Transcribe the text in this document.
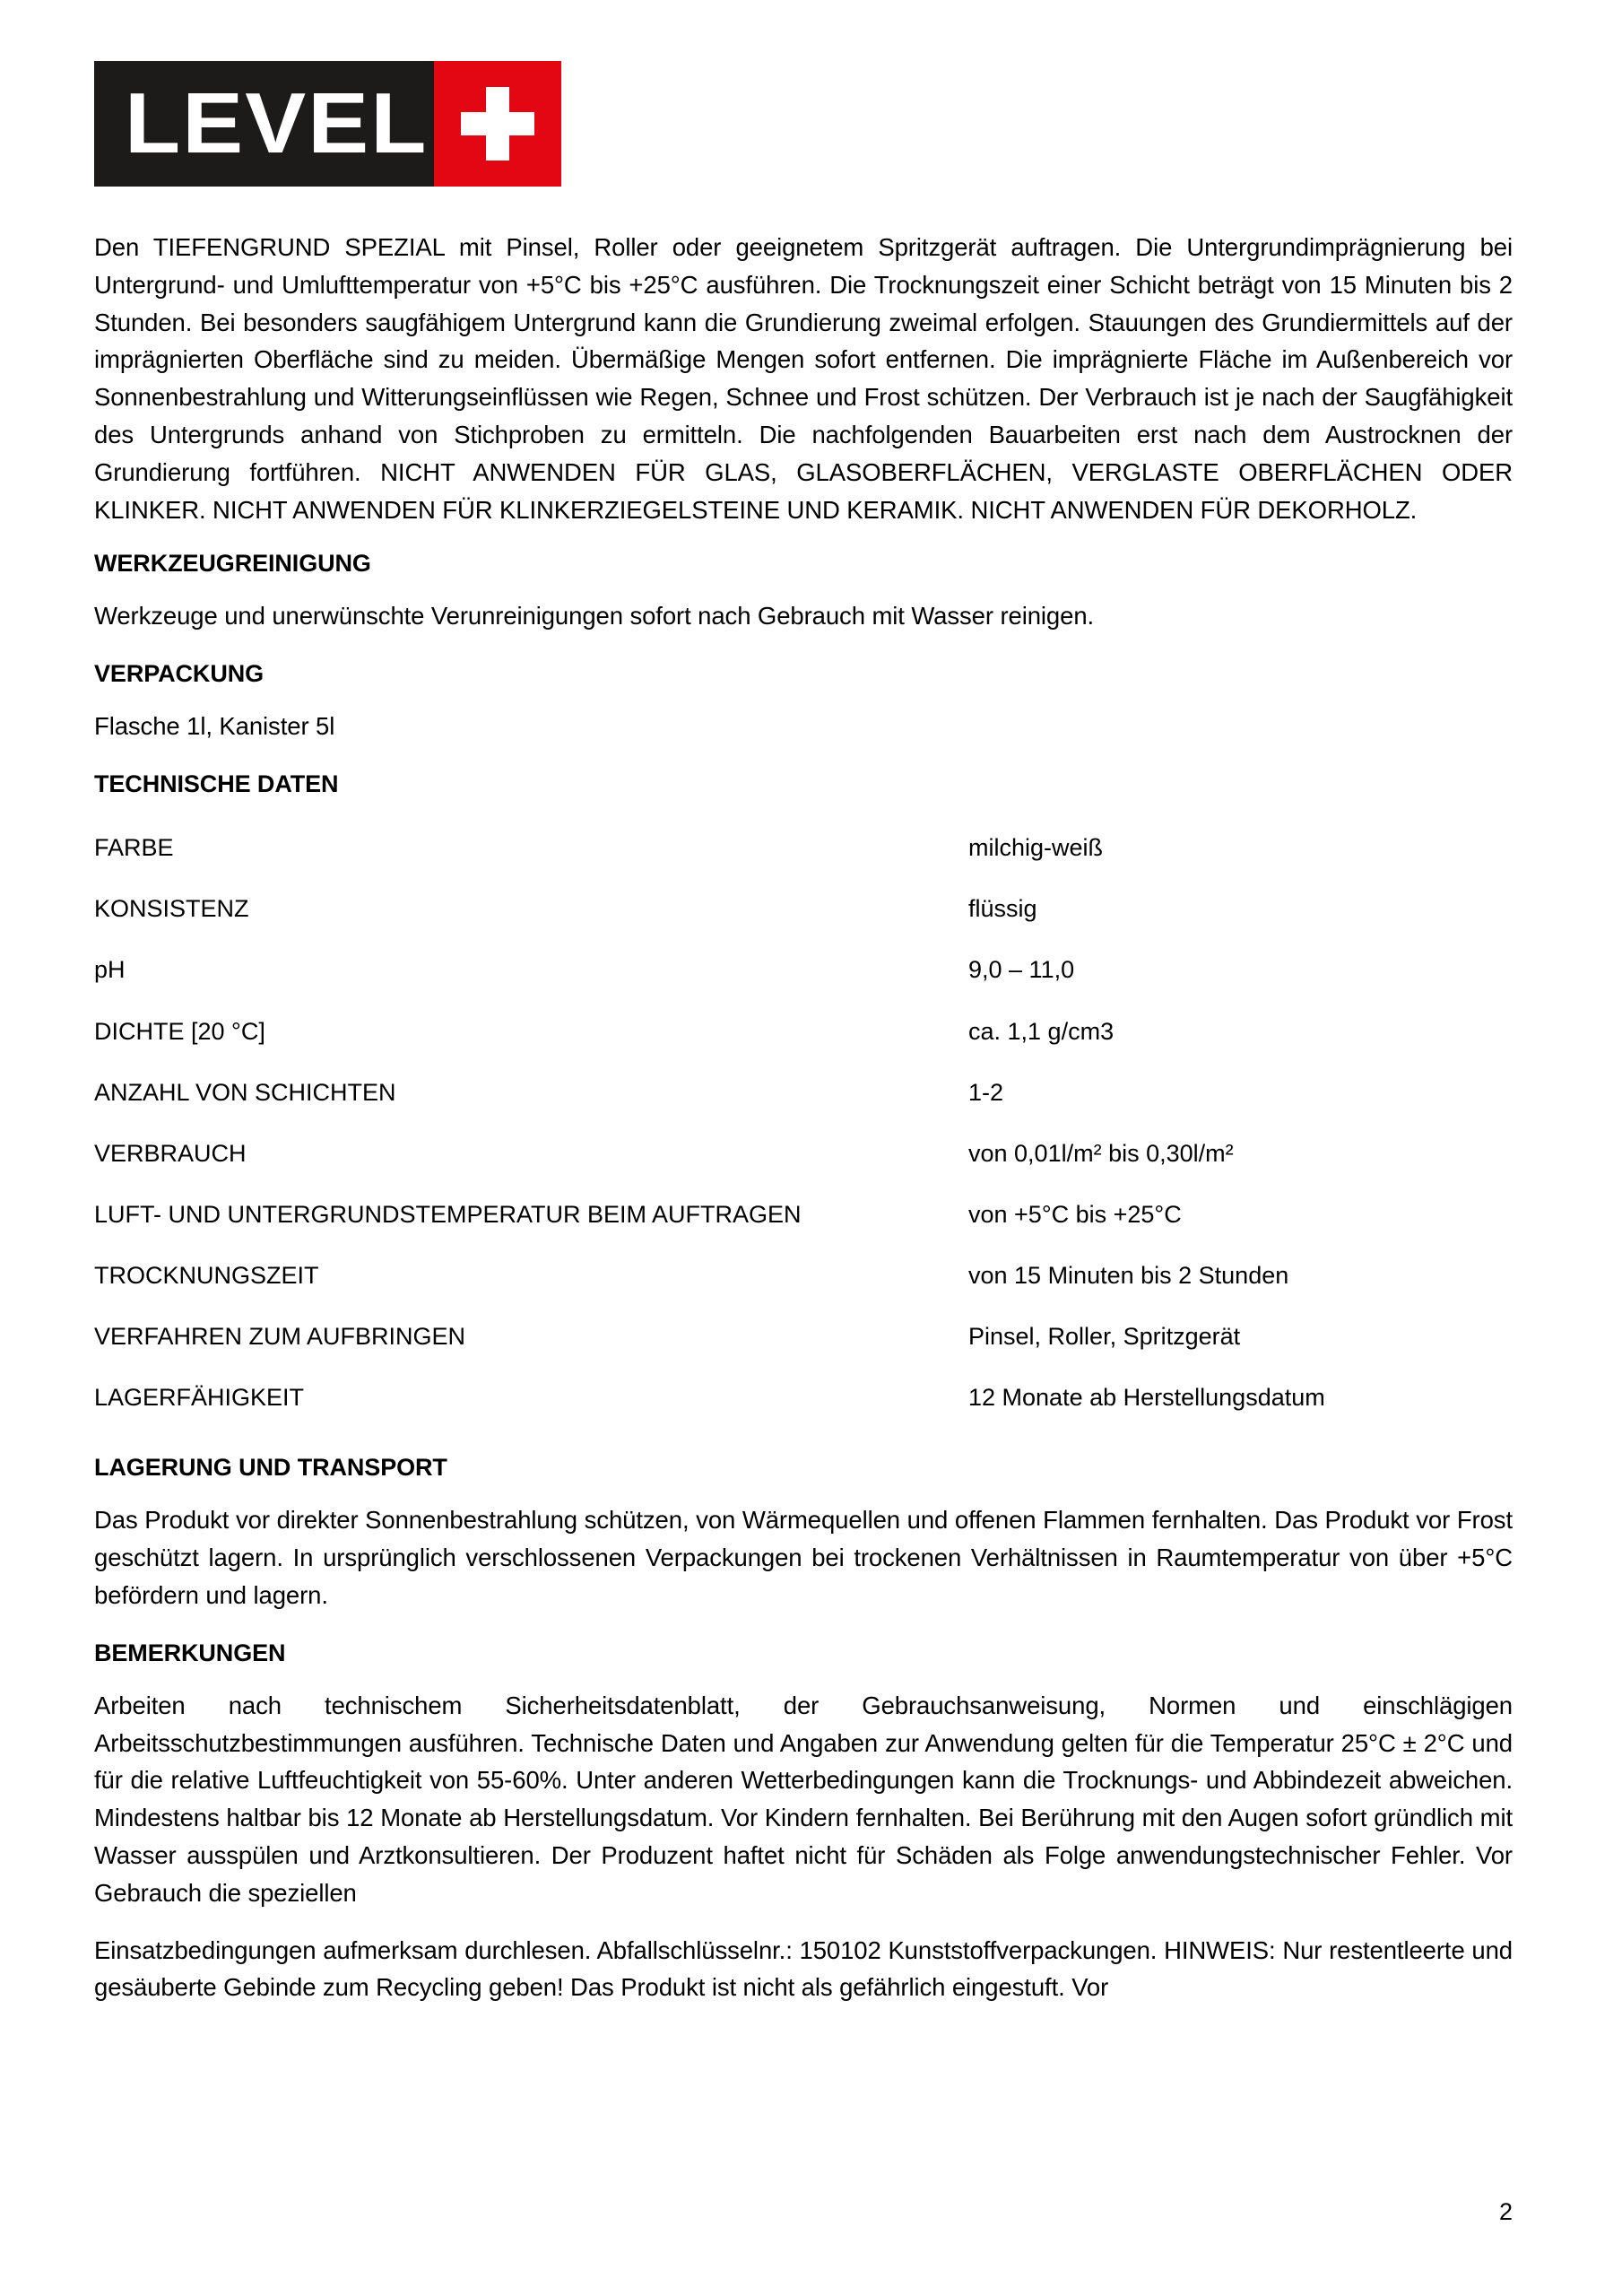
LEVEL

Den TIEFENGRUND SPEZIAL mit Pinsel, Roller oder geeignetem Spritzgerät auftragen. Die Untergrundimprägnierung bei Untergrund- und Umlufttemperatur von +5°C bis +25°C ausführen. Die Trocknungszeit einer Schicht beträgt von 15 Minuten bis 2 Stunden. Bei besonders saugfähigem Untergrund kann die Grundierung zweimal erfolgen. Stauungen des Grundiermittels auf der imprägnierten Oberfläche sind zu meiden. Übermäßige Mengen sofort entfernen. Die imprägnierte Fläche im Außenbereich vor Sonnenbestrahlung und Witterungseinflüssen wie Regen, Schnee und Frost schützen. Der Verbrauch ist je nach der Saugfähigkeit des Untergrunds anhand von Stichproben zu ermitteln. Die nachfolgenden Bauarbeiten erst nach dem Austrocknen der Grundierung fortführen. NICHT ANWENDEN FÜR GLAS, GLASOBERFLÄCHEN, VERGLASTE OBERFLÄCHEN ODER KLINKER. NICHT ANWENDEN FÜR KLINKERZIEGELSTEINE UND KERAMIK. NICHT ANWENDEN FÜR DEKORHOLZ.

WERKZEUGREINIGUNG

Werkzeuge und unerwünschte Verunreinigungen sofort nach Gebrauch mit Wasser reinigen.

VERPACKUNG

Flasche 1l, Kanister 5l

TECHNISCHE DATEN
FARBE	milchig-weiß
KONSISTENZ	flüssig
pH	9,0 – 11,0
DICHTE [20 °C]	ca. 1,1 g/cm3
ANZAHL VON SCHICHTEN	1-2
VERBRAUCH	von 0,01l/m² bis 0,30l/m²
LUFT- UND UNTERGRUNDSTEMPERATUR BEIM AUFTRAGEN	von +5°C bis +25°C
TROCKNUNGSZEIT	von 15 Minuten bis 2 Stunden
VERFAHREN ZUM AUFBRINGEN	Pinsel, Roller, Spritzgerät
LAGERFÄHIGKEIT	12 Monate ab Herstellungsdatum
LAGERUNG UND TRANSPORT

Das Produkt vor direkter Sonnenbestrahlung schützen, von Wärmequellen und offenen Flammen fernhalten. Das Produkt vor Frost geschützt lagern. In ursprünglich verschlossenen Verpackungen bei trockenen Verhältnissen in Raumtemperatur von über +5°C befördern und lagern.

BEMERKUNGEN

Arbeiten nach technischem Sicherheitsdatenblatt, der Gebrauchsanweisung, Normen und einschlägigen Arbeitsschutzbestimmungen ausführen. Technische Daten und Angaben zur Anwendung gelten für die Temperatur 25°C ± 2°C und für die relative Luftfeuchtigkeit von 55-60%. Unter anderen Wetterbedingungen kann die Trocknungs- und Abbindezeit abweichen. Mindestens haltbar bis 12 Monate ab Herstellungsdatum. Vor Kindern fernhalten. Bei Berührung mit den Augen sofort gründlich mit Wasser ausspülen und Arztkonsultieren. Der Produzent haftet nicht für Schäden als Folge anwendungstechnischer Fehler. Vor Gebrauch die speziellen

Einsatzbedingungen aufmerksam durchlesen. Abfallschlüsselnr.: 150102 Kunststoffverpackungen. HINWEIS: Nur restentleerte und gesäuberte Gebinde zum Recycling geben! Das Produkt ist nicht als gefährlich eingestuft. Vor

2
